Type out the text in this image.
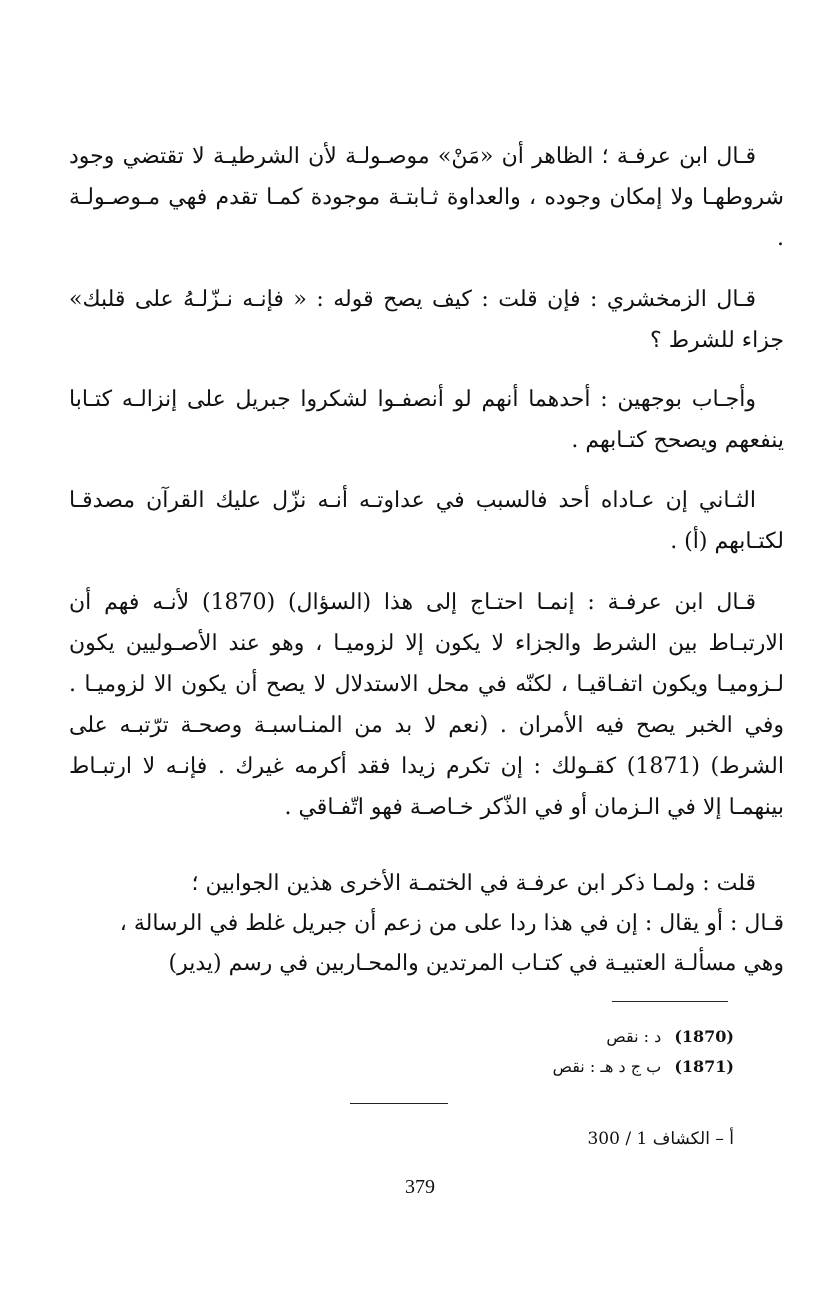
قـال ابن عرفـة ؛ الظاهر أن «مَنْ» موصـولـة لأن الشرطيـة لا تقتضي وجود شروطهـا ولا إمكان وجوده ، والعداوة ثـابتـة موجودة كمـا تقدم فهي مـوصـولـة .

قـال الزمخشري : فإن قلت : كيف يصح قوله : « فإنـه نـزّلـهُ على قلبك» جزاء للشرط ؟

وأجـاب بوجهين : أحدهما أنهم لو أنصفـوا لشكروا جبريل على إنزالـه كتـابا ينفعهم ويصحح كتـابهم .

الثـاني إن عـاداه أحد فالسبب في عداوتـه أنـه نزّل عليك القرآن مصدقـا لكتـابهم (أ) .

قـال ابن عرفـة : إنمـا احتـاج إلى هذا (السؤال) (1870) لأنـه فهم أن الارتبـاط بين الشرط والجزاء لا يكون إلا لزوميـا ، وهو عند الأصـوليين يكون لـزوميـا ويكون اتفـاقيـا ، لكنّه في محل الاستدلال لا يصح أن يكون الا لزوميـا . وفي الخبر يصح فيه الأمران . (نعم لا بد من المنـاسبـة وصحـة ترّتبـه على الشرط) (1871) كقـولك : إن تكرم زيدا فقد أكرمه غيرك . فإنـه لا ارتبـاط بينهمـا إلا في الـزمان أو في الذّكر خـاصـة فهو اتّفـاقي .

قلت : ولمـا ذكر ابن عرفـة في الختمـة الأخرى هذين الجوابين ؛
قـال : أو يقال : إن في هذا ردا على من زعم أن جبريل غلط في الرسالة ،
وهي مسألـة العتبيـة في كتـاب المرتدين والمحـاربين في رسم (يدير)

(1870) د : نقص
(1871) ب ج د هـ : نقص
أ – الكشاف 1 / 300
379
